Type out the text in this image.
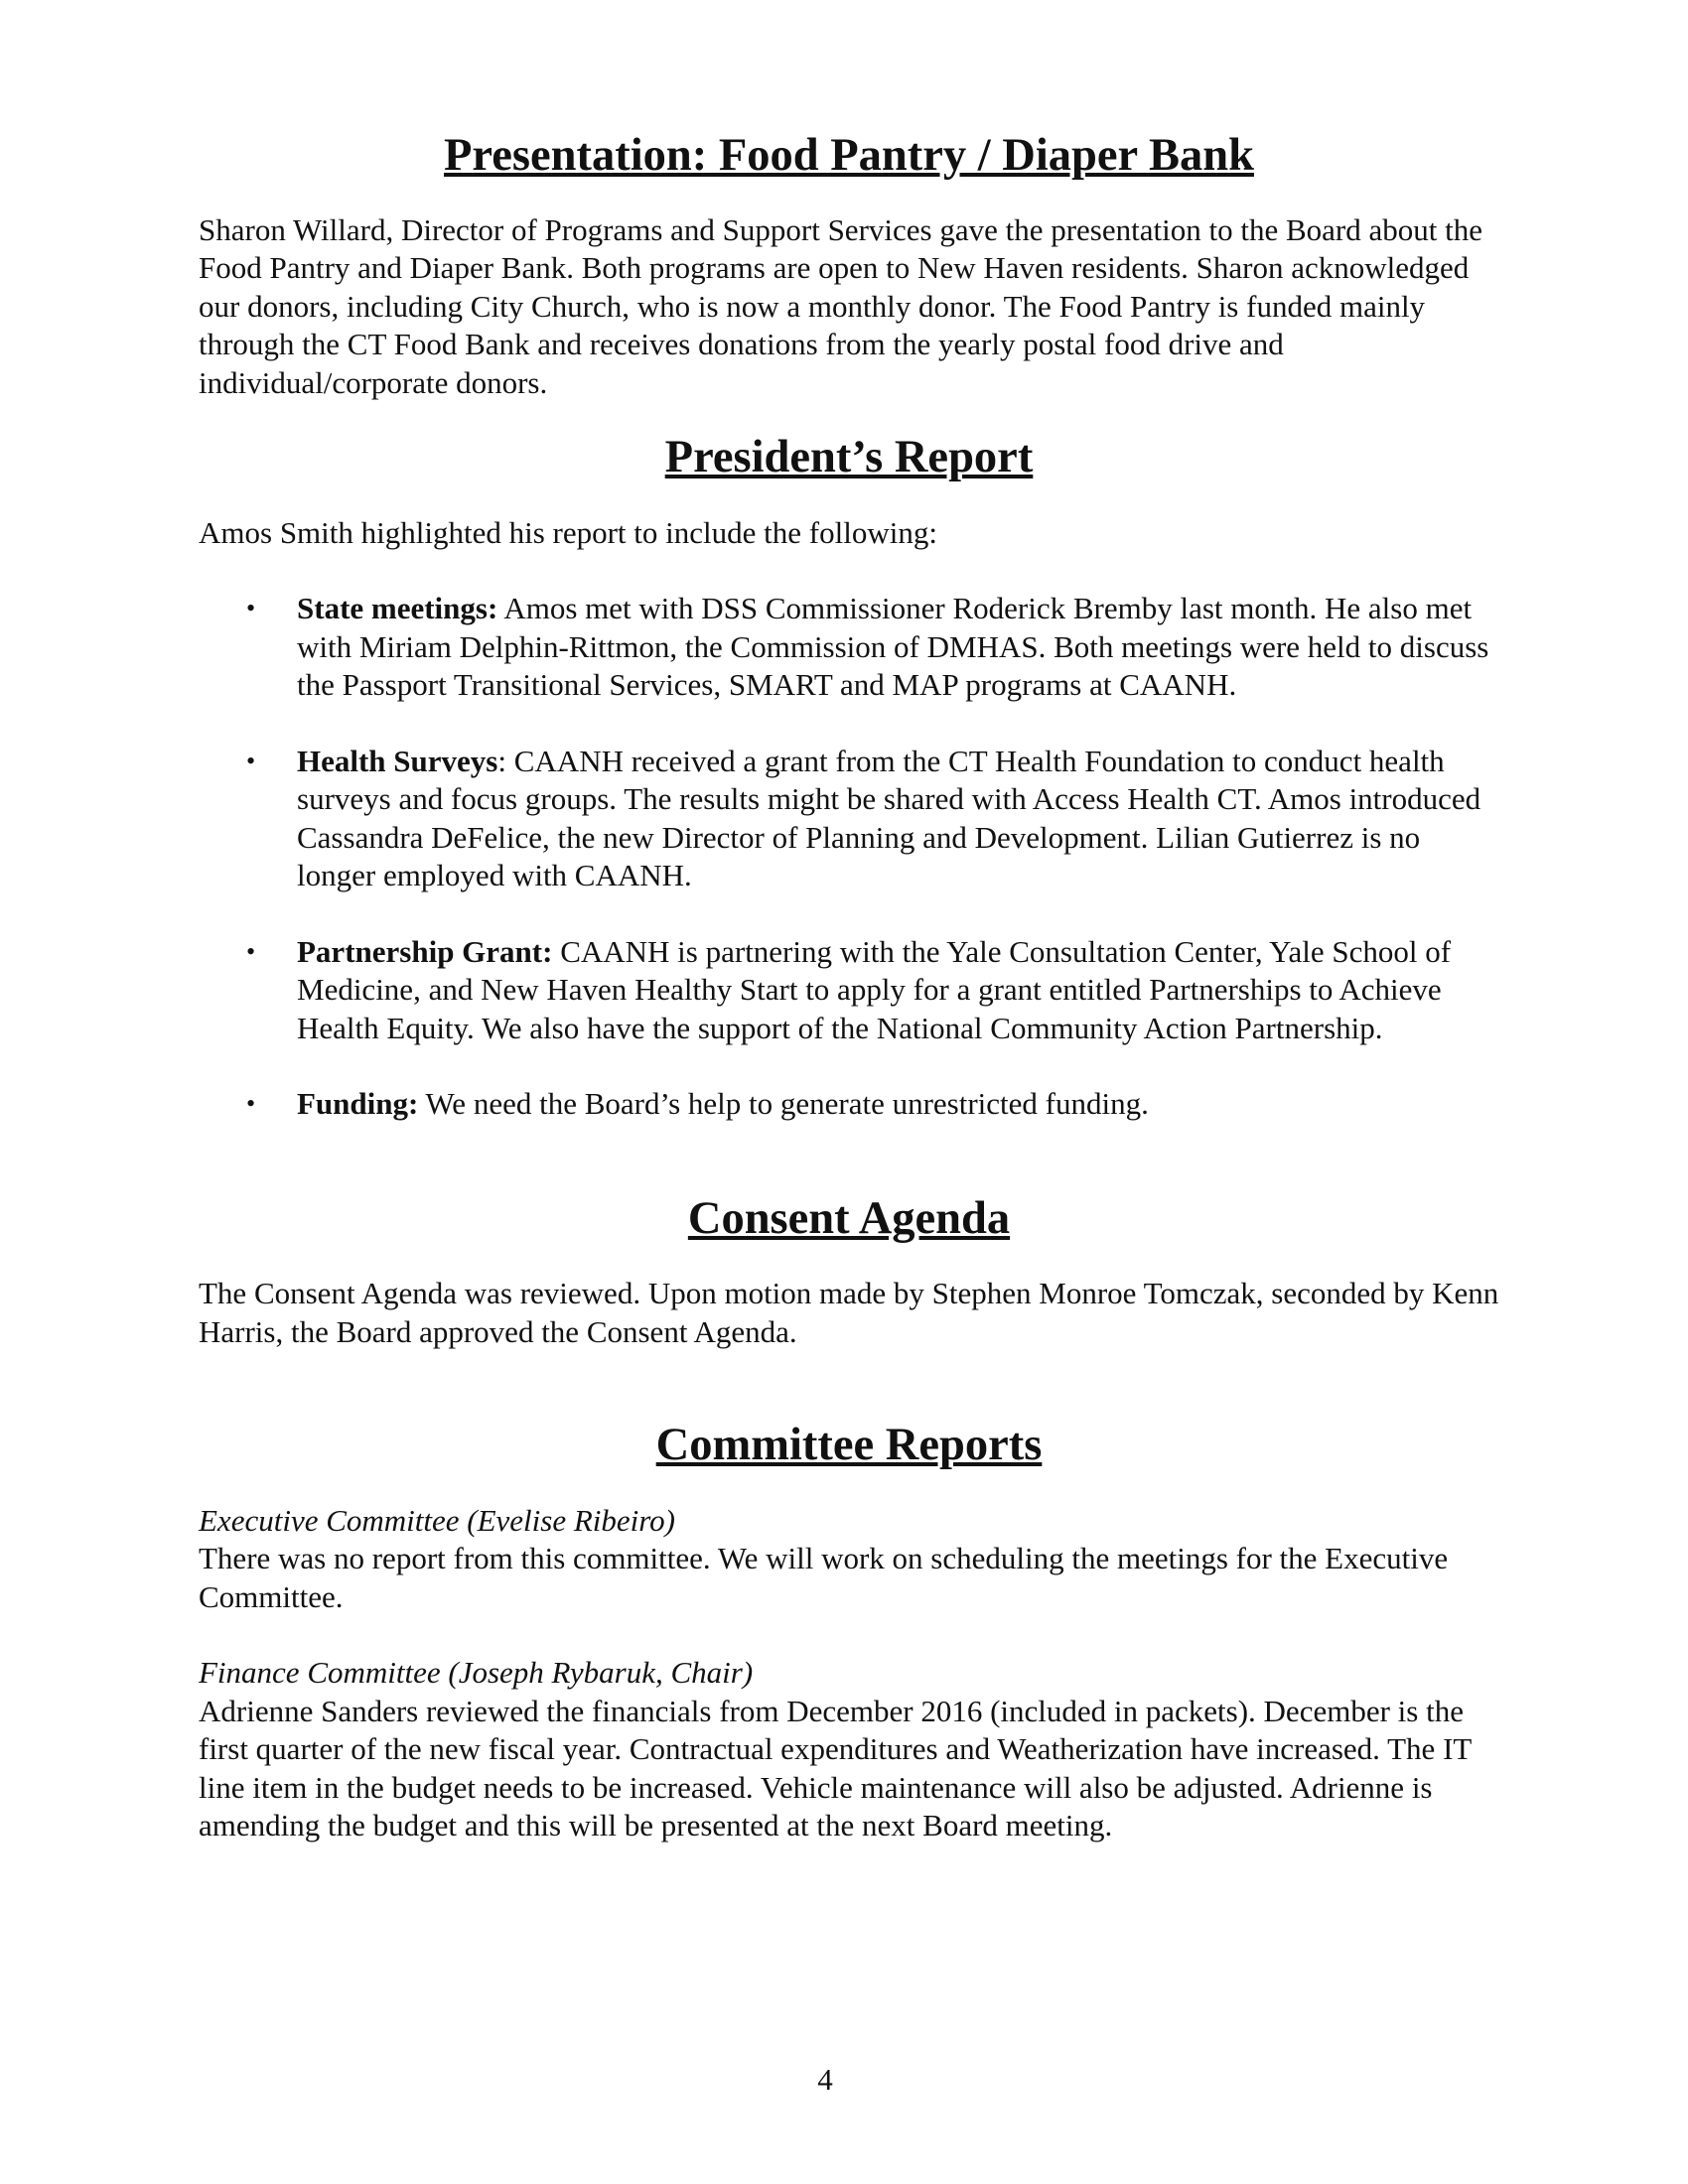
Presentation: Food Pantry / Diaper Bank

Sharon Willard, Director of Programs and Support Services gave the presentation to the Board about the Food Pantry and Diaper Bank. Both programs are open to New Haven residents. Sharon acknowledged our donors, including City Church, who is now a monthly donor. The Food Pantry is funded mainly through the CT Food Bank and receives donations from the yearly postal food drive and individual/corporate donors.

President’s Report

Amos Smith highlighted his report to include the following:

• State meetings: Amos met with DSS Commissioner Roderick Bremby last month. He also met with Miriam Delphin-Rittmon, the Commission of DMHAS. Both meetings were held to discuss the Passport Transitional Services, SMART and MAP programs at CAANH.
• Health Surveys: CAANH received a grant from the CT Health Foundation to conduct health surveys and focus groups. The results might be shared with Access Health CT. Amos introduced Cassandra DeFelice, the new Director of Planning and Development. Lilian Gutierrez is no longer employed with CAANH.
• Partnership Grant: CAANH is partnering with the Yale Consultation Center, Yale School of Medicine, and New Haven Healthy Start to apply for a grant entitled Partnerships to Achieve Health Equity. We also have the support of the National Community Action Partnership.
• Funding: We need the Board’s help to generate unrestricted funding.
Consent Agenda

The Consent Agenda was reviewed. Upon motion made by Stephen Monroe Tomczak, seconded by Kenn Harris, the Board approved the Consent Agenda.

Committee Reports

Executive Committee (Evelise Ribeiro)

There was no report from this committee. We will work on scheduling the meetings for the Executive Committee.

Finance Committee (Joseph Rybaruk, Chair)

Adrienne Sanders reviewed the financials from December 2016 (included in packets). December is the first quarter of the new fiscal year. Contractual expenditures and Weatherization have increased. The IT line item in the budget needs to be increased. Vehicle maintenance will also be adjusted. Adrienne is amending the budget and this will be presented at the next Board meeting.

4
